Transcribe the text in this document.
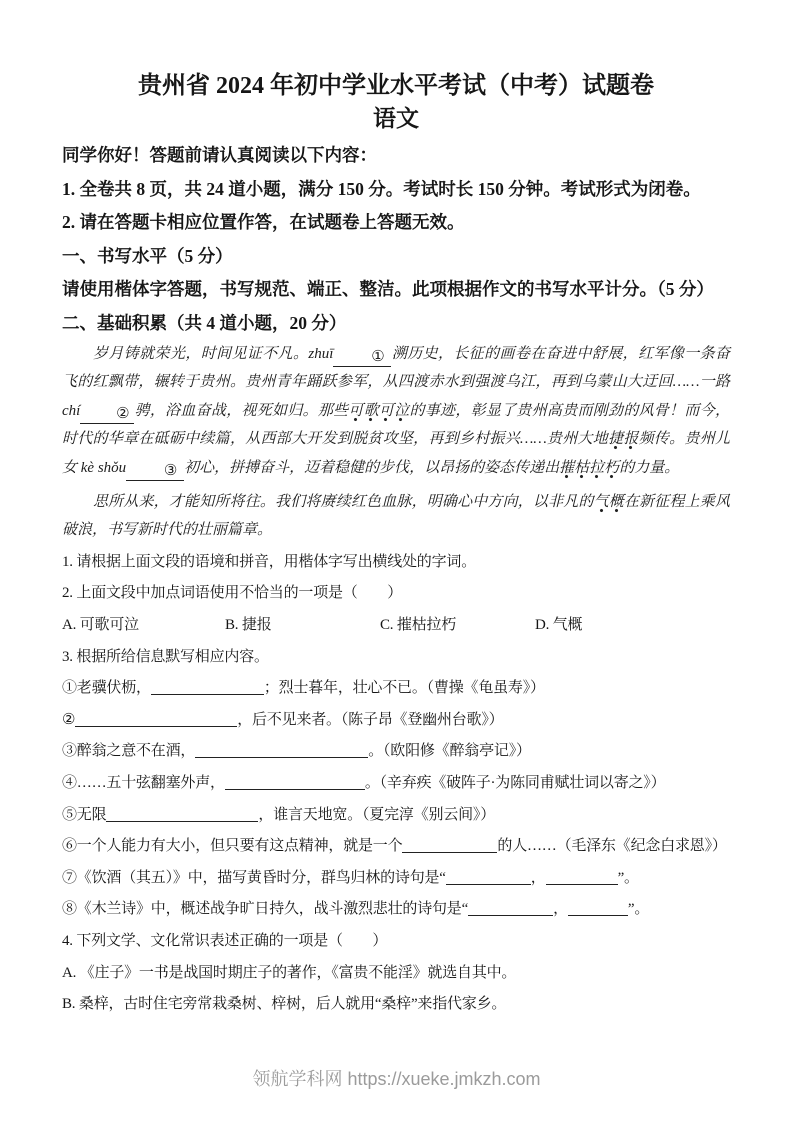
贵州省 2024 年初中学业水平考试（中考）试题卷
语文
同学你好！答题前请认真阅读以下内容：
1. 全卷共 8 页，共 24 道小题，满分 150 分。考试时长 150 分钟。考试形式为闭卷。
2. 请在答题卡相应位置作答，在试题卷上答题无效。
一、书写水平（5 分）
请使用楷体字答题，书写规范、端正、整洁。此项根据作文的书写水平计分。（5 分）
二、基础积累（共 4 道小题，20 分）

岁月铸就荣光，时间见证不凡。zhuī	① 溯历史，长征的画卷在奋进中舒展，红军像一条奋飞的红飘带，辗转于贵州。贵州青年踊跃参军，从四渡赤水到强渡乌江，再到乌蒙山大迂回……一路 chí ② 骋，浴血奋战，视死如归。那些可歌可泣的事迹，彰显了贵州高贵而刚劲的风骨！而今，时代的华章在砥砺中续篇，从西部大开发到脱贫攻坚，再到乡村振兴……贵州大地捷报频传。贵州儿女 kè shǒu	③ 初心，拼搏奋斗，迈着稳健的步伐，以昂扬的姿态传递出摧枯拉朽的力量。

思所从来，才能知所将往。我们将赓续红色血脉，明确心中方向，以非凡的气概在新征程上乘风破浪，书写新时代的壮丽篇章。

1. 请根据上面文段的语境和拼音，用楷体字写出横线处的字词。
2. 上面文段中加点词语使用不恰当的一项是（　　）
A. 可歌可泣	B. 捷报	C. 摧枯拉朽	D. 气概
3. 根据所给信息默写相应内容。
①老骥伏枥，	；烈士暮年，壮心不已。（曹操《龟虽寿》）
②	，后不见来者。（陈子昂《登幽州台歌》）
③醉翁之意不在酒，	。（欧阳修《醉翁亭记》）
④……五十弦翻塞外声，	。（辛弃疾《破阵子·为陈同甫赋壮词以寄之》）
⑤无限	，谁言天地宽。（夏完淳《别云间》）
⑥一个人能力有大小，但只要有这点精神，就是一个	的人……（毛泽东《纪念白求恩》）
⑦《饮酒（其五）》中，描写黄昏时分，群鸟归林的诗句是“	，	”。
⑧《木兰诗》中，概述战争旷日持久，战斗激烈悲壮的诗句是“	，	”。
4. 下列文学、文化常识表述正确的一项是（　　）
A. 《庄子》一书是战国时期庄子的著作，《富贵不能淫》就选自其中。
B. 桑梓，古时住宅旁常栽桑树、梓树，后人就用“桑梓”来指代家乡。
领航学科网 https://xueke.jmkzh.com
